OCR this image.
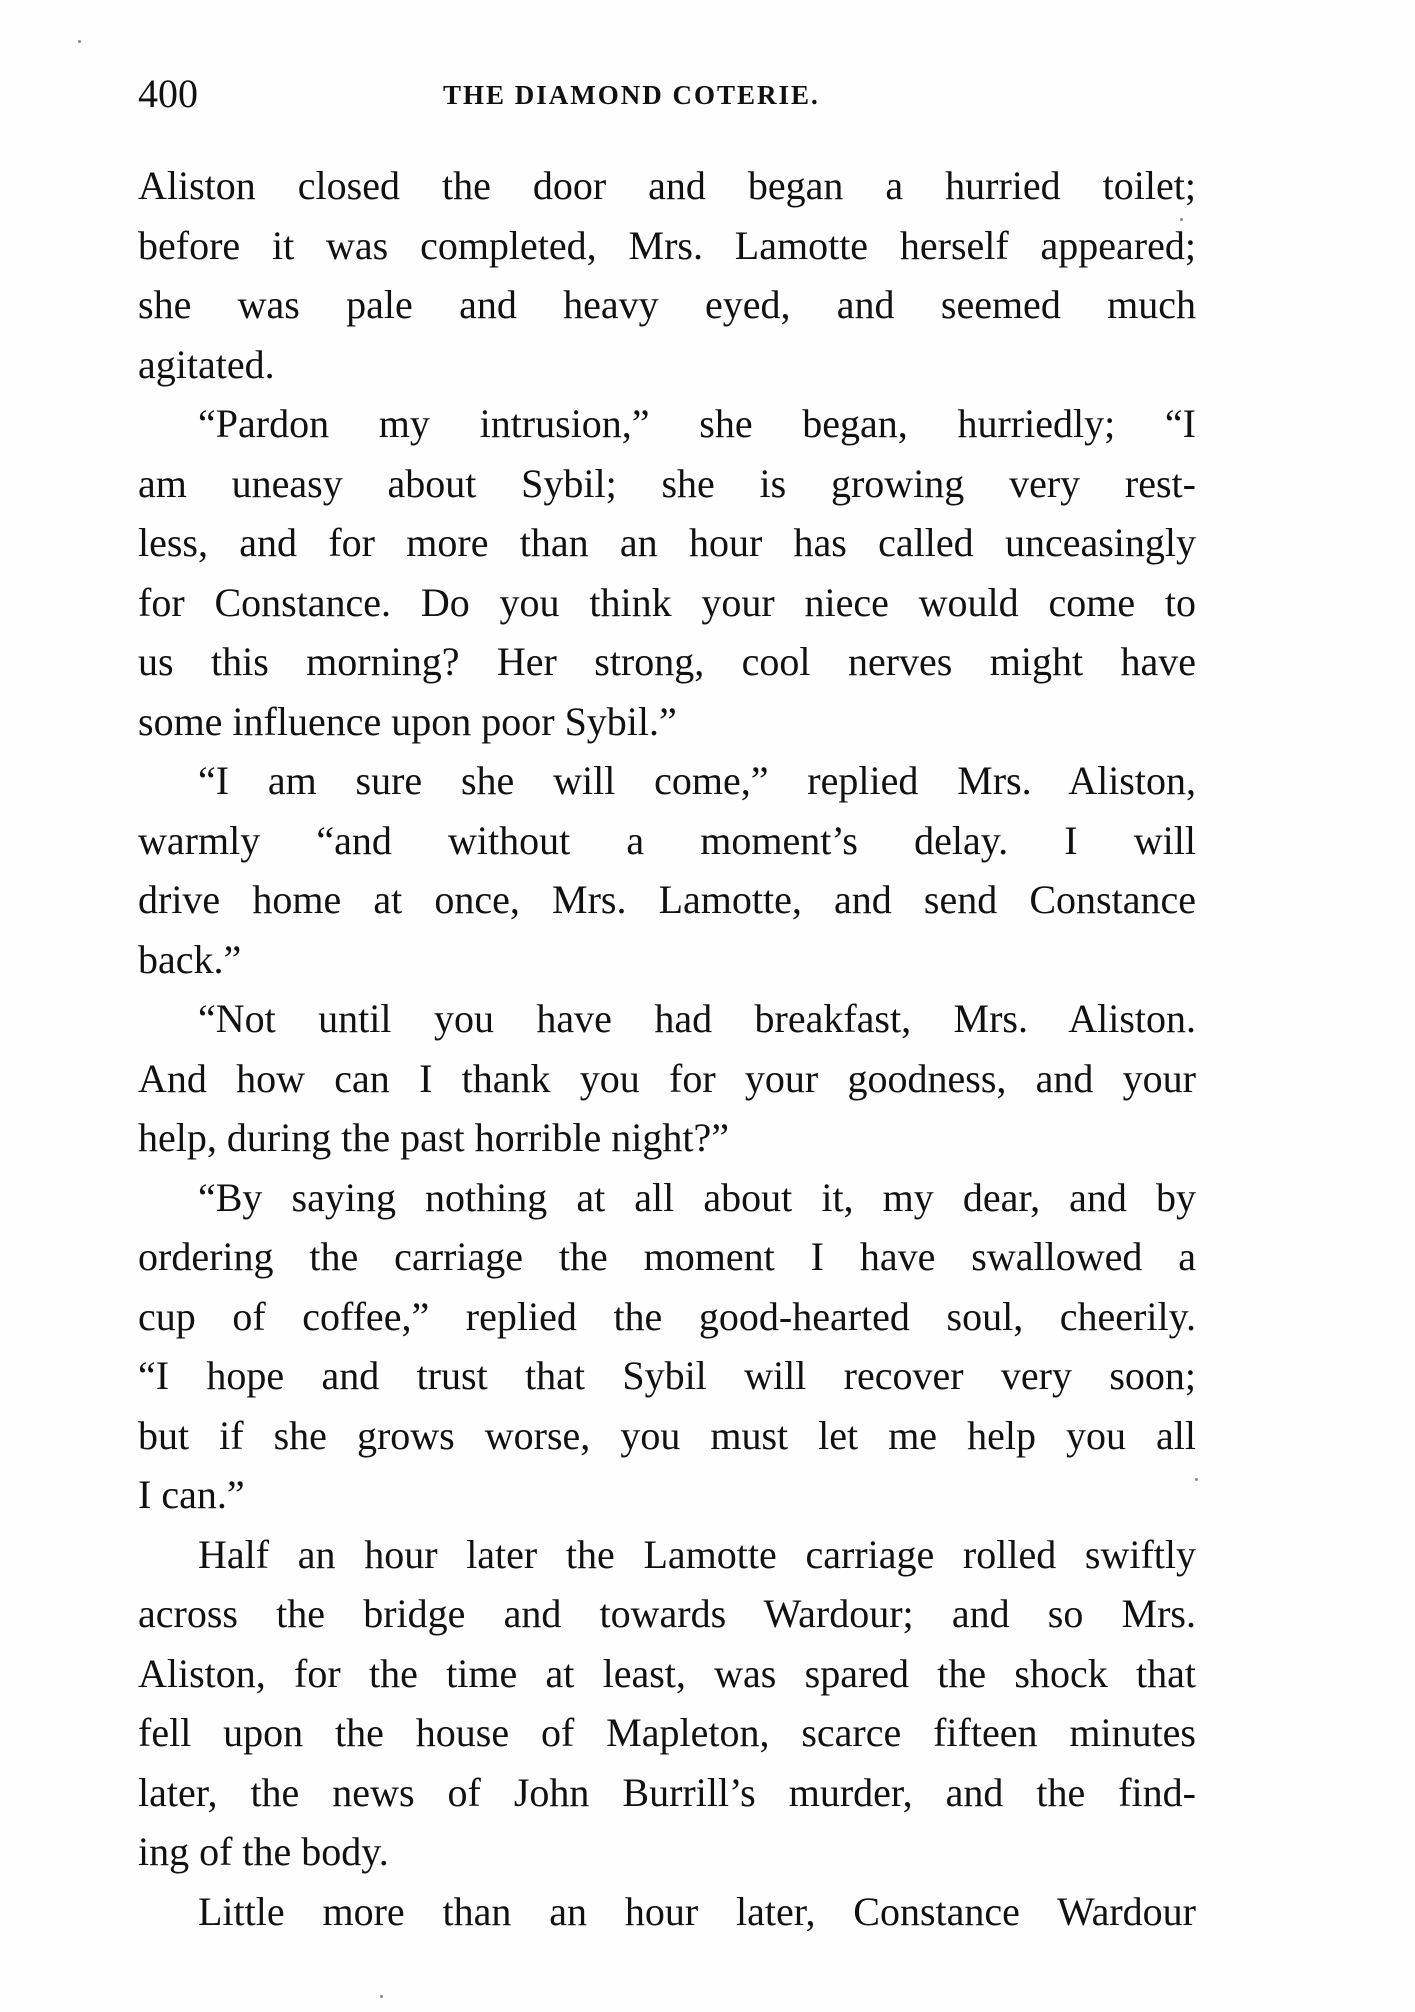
400	THE DIAMOND COTERIE.

Aliston closed the door and began a hurried toilet;
before it was completed, Mrs. Lamotte herself appeared;
she was pale and heavy eyed, and seemed much
agitated.

“Pardon my intrusion,” she began, hurriedly; “I
am uneasy about Sybil; she is growing very rest-
less, and for more than an hour has called unceasingly
for Constance. Do you think your niece would come to
us this morning? Her strong, cool nerves might have
some influence upon poor Sybil.”

“I am sure she will come,” replied Mrs. Aliston,
warmly “and without a moment’s delay. I will
drive home at once, Mrs. Lamotte, and send Constance
back.”

“Not until you have had breakfast, Mrs. Aliston.
And how can I thank you for your goodness, and your
help, during the past horrible night?”

“By saying nothing at all about it, my dear, and by
ordering the carriage the moment I have swallowed a
cup of coffee,” replied the good-hearted soul, cheerily.
“I hope and trust that Sybil will recover very soon;
but if she grows worse, you must let me help you all
I can.”

Half an hour later the Lamotte carriage rolled swiftly
across the bridge and towards Wardour; and so Mrs.
Aliston, for the time at least, was spared the shock that
fell upon the house of Mapleton, scarce fifteen minutes
later, the news of John Burrill’s murder, and the find-
ing of the body.

Little more than an hour later, Constance Wardour
